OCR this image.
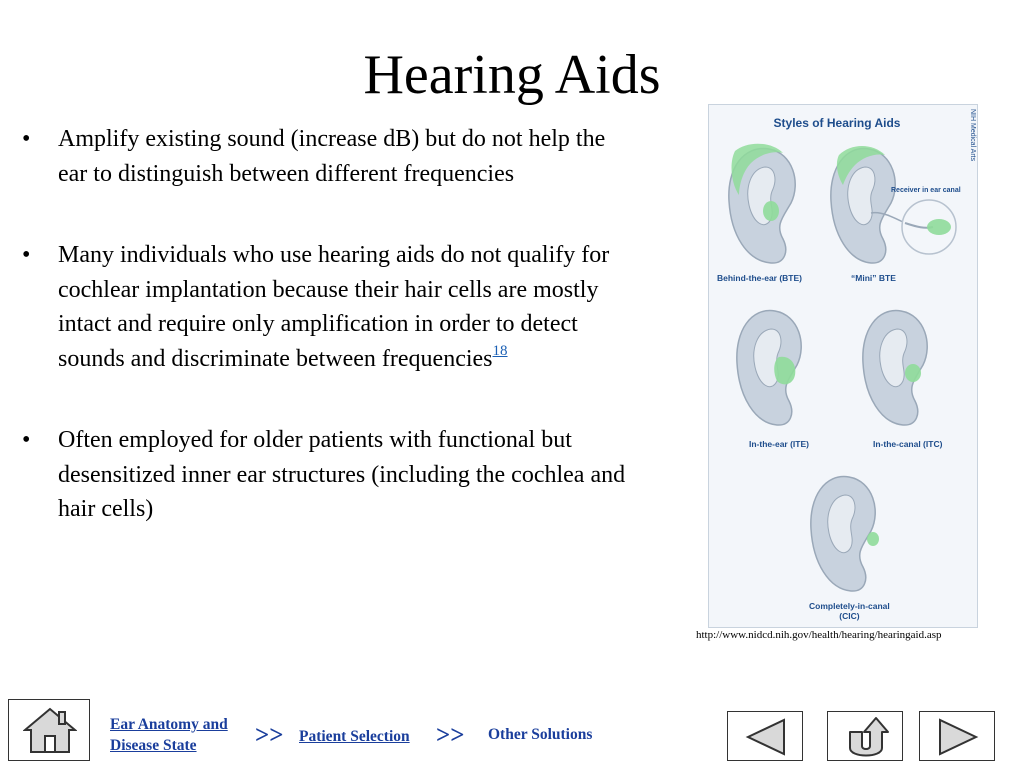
Hearing Aids
• Amplify existing sound (increase dB) but do not help the ear to distinguish between different frequencies
• Many individuals who use hearing aids do not qualify for cochlear implantation because their hair cells are mostly intact and require only amplification in order to detect sounds and discriminate between frequencies$^{18}$
• Often employed for older patients with functional but desensitized inner ear structures (including the cochlea and hair cells)
Styles of Hearing Aids	NIH Medical Arts
Receiver in ear canal
Behind-the-ear (BTE)	“Mini” BTE
In-the-ear (ITE)	In-the-canal (ITC)
Completely-in-canal
(CIC)
http://www.nidcd.nih.gov/health/hearing/hearingaid.asp
Ear Anatomy and
Disease State	>> Patient Selection >> Other Solutions
